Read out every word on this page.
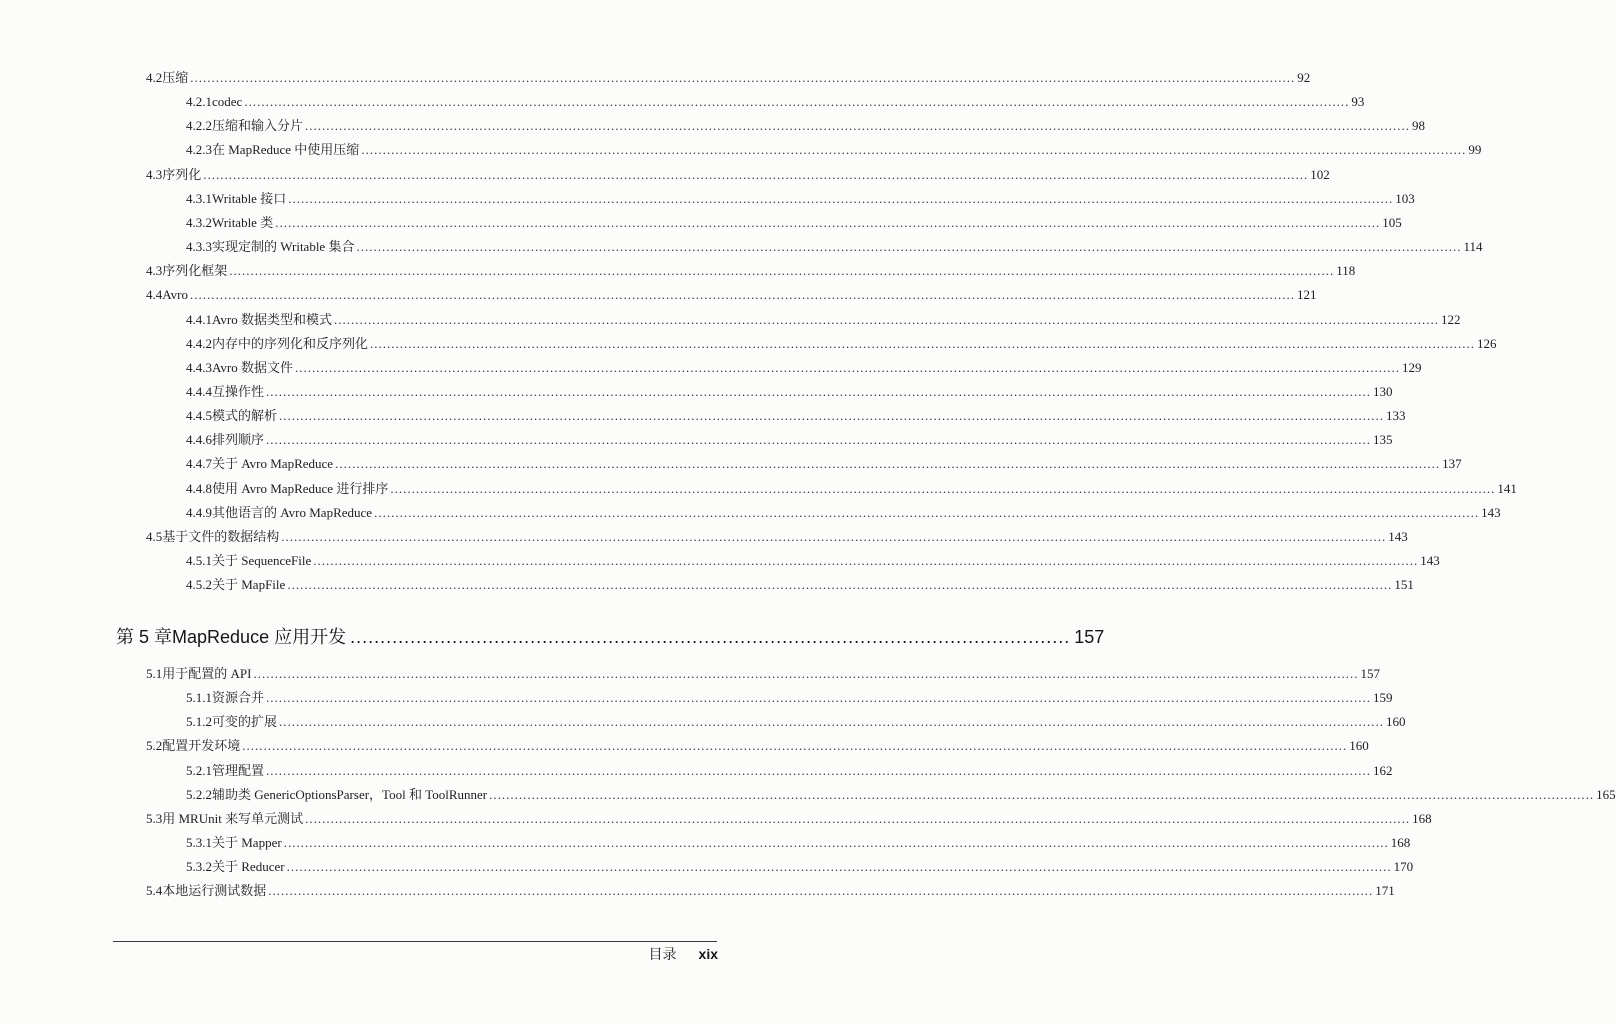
4.2 压缩 .................................................................................................................................................................................................................................................................... 92
4.2.1 codec .................................................................................................................................................................................................................................................................... 93
4.2.2 压缩和输入分片 .................................................................................................................................................................................................................................................................... 98
4.2.3 在 MapReduce 中使用压缩 .................................................................................................................................................................................................................................................................... 99
4.3 序列化 .................................................................................................................................................................................................................................................................... 102
4.3.1 Writable 接口 .................................................................................................................................................................................................................................................................... 103
4.3.2 Writable 类 .................................................................................................................................................................................................................................................................... 105
4.3.3 实现定制的 Writable 集合 .................................................................................................................................................................................................................................................................... 114
4.3 序列化框架 .................................................................................................................................................................................................................................................................... 118
4.4 Avro .................................................................................................................................................................................................................................................................... 121
4.4.1 Avro 数据类型和模式 .................................................................................................................................................................................................................................................................... 122
4.4.2 内存中的序列化和反序列化 .................................................................................................................................................................................................................................................................... 126
4.4.3 Avro 数据文件 .................................................................................................................................................................................................................................................................... 129
4.4.4 互操作性 .................................................................................................................................................................................................................................................................... 130
4.4.5 模式的解析 .................................................................................................................................................................................................................................................................... 133
4.4.6 排列顺序 .................................................................................................................................................................................................................................................................... 135
4.4.7 关于 Avro MapReduce .................................................................................................................................................................................................................................................................... 137
4.4.8 使用 Avro MapReduce 进行排序 .................................................................................................................................................................................................................................................................... 141
4.4.9 其他语言的 Avro MapReduce .................................................................................................................................................................................................................................................................... 143
4.5 基于文件的数据结构 .................................................................................................................................................................................................................................................................... 143
4.5.1 关于 SequenceFile .................................................................................................................................................................................................................................................................... 143
4.5.2 关于 MapFile .................................................................................................................................................................................................................................................................... 151
5.1 用于配置的 API .................................................................................................................................................................................................................................................................... 157
5.1.1 资源合并 .................................................................................................................................................................................................................................................................... 159
5.1.2 可变的扩展 .................................................................................................................................................................................................................................................................... 160
5.2 配置开发环境 .................................................................................................................................................................................................................................................................... 160
5.2.1 管理配置 .................................................................................................................................................................................................................................................................... 162
5.2.2 辅助类 GenericOptionsParser，Tool 和 ToolRunner .................................................................................................................................................................................................................................................................... 165
5.3 用 MRUnit 来写单元测试 .................................................................................................................................................................................................................................................................... 168
5.3.1 关于 Mapper .................................................................................................................................................................................................................................................................... 168
5.3.2 关于 Reducer .................................................................................................................................................................................................................................................................... 170
5.4 本地运行测试数据 .................................................................................................................................................................................................................................................................... 171
第 5 章 MapReduce 应用开发 ........................................................................................................................ 157
目录 xix
